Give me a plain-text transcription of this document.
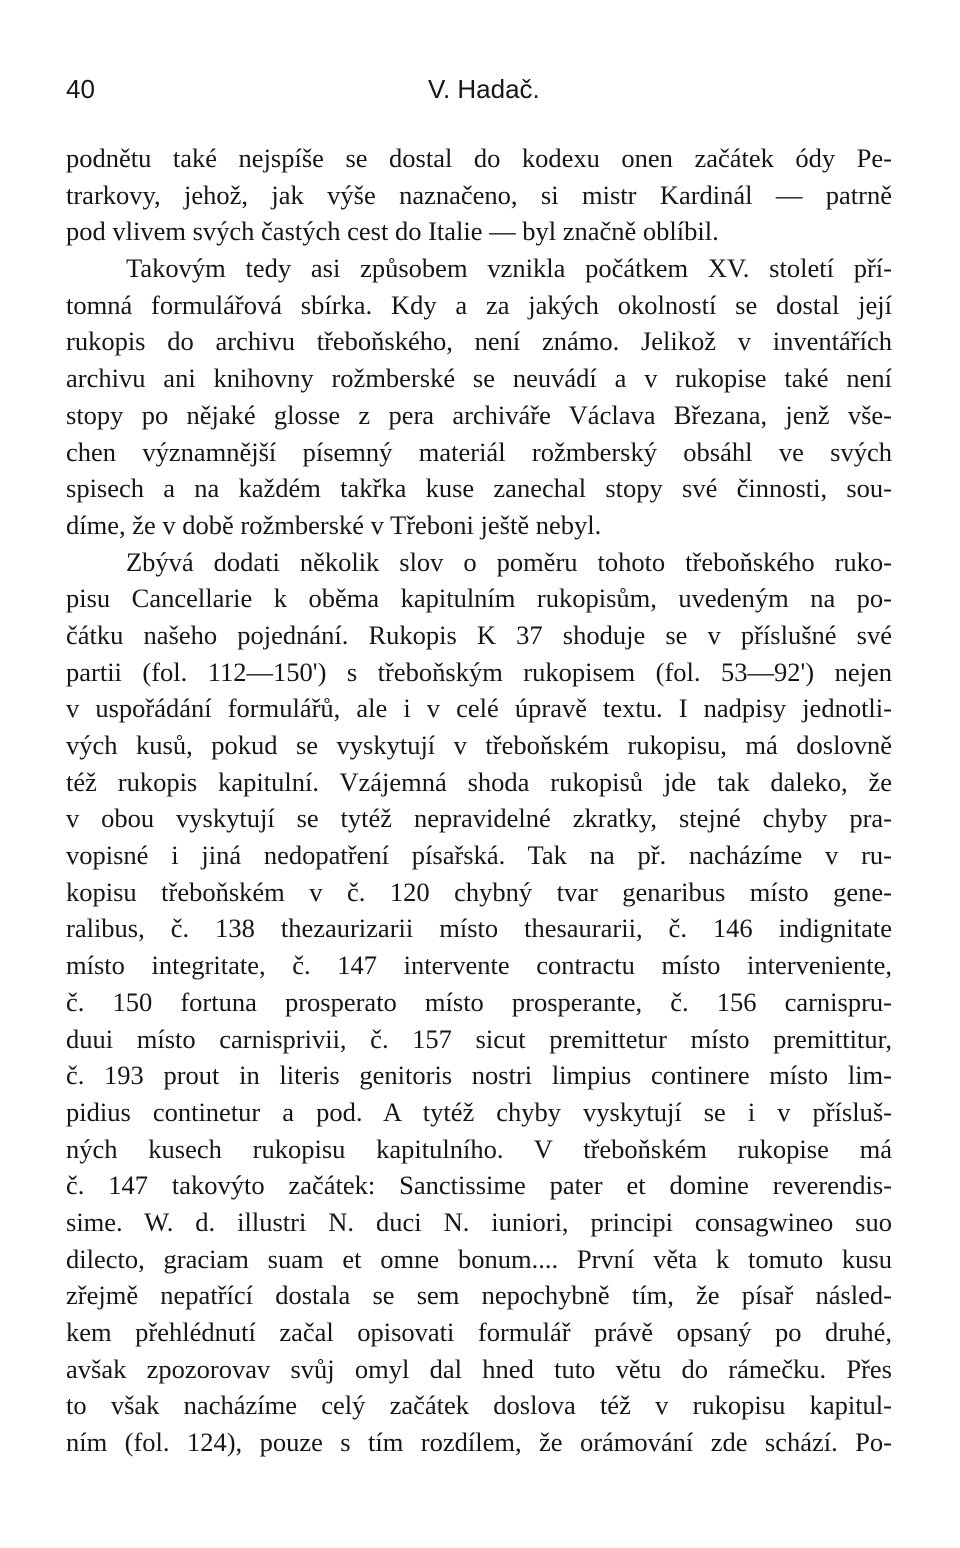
40	V. Hadač.
podnětu také nejspíše se dostal do kodexu onen začátek ódy Pe-
trarkovy, jehož, jak výše naznačeno, si mistr Kardinál — patrně
pod vlivem svých častých cest do Italie — byl značně oblíbil.
Takovým tedy asi způsobem vznikla počátkem XV. století pří-
tomná formulářová sbírka. Kdy a za jakých okolností se dostal její
rukopis do archivu třeboňského, není známo. Jelikož v inventářích
archivu ani knihovny rožmberské se neuvádí a v rukopise také není
stopy po nějaké glosse z pera archiváře Václava Březana, jenž vše-
chen významnější písemný materiál rožmberský obsáhl ve svých
spisech a na každém takřka kuse zanechal stopy své činnosti, sou-
díme, že v době rožmberské v Třeboni ještě nebyl.
Zbývá dodati několik slov o poměru tohoto třeboňského ruko-
pisu Cancellarie k oběma kapitulním rukopisům, uvedeným na po-
čátku našeho pojednání. Rukopis K 37 shoduje se v příslušné své
partii (fol. 112—150') s třeboňským rukopisem (fol. 53—92') nejen
v uspořádání formulářů, ale i v celé úpravě textu. I nadpisy jednotli-
vých kusů, pokud se vyskytují v třeboňském rukopisu, má doslovně
též rukopis kapitulní. Vzájemná shoda rukopisů jde tak daleko, že
v obou vyskytují se tytéž nepravidelné zkratky, stejné chyby pra-
vopisné i jiná nedopatření písařská. Tak na př. nacházíme v ru-
kopisu třeboňském v č. 120 chybný tvar genaribus místo gene-
ralibus, č. 138 thezaurizarii místo thesaurarii, č. 146 indignitate
místo integritate, č. 147 intervente contractu místo interveniente,
č. 150 fortuna prosperato místo prosperante, č. 156 carnispru-
duui místo carnisprivii, č. 157 sicut premittetur místo premittitur,
č. 193 prout in literis genitoris nostri limpius continere místo lim-
pidius continetur a pod. A tytéž chyby vyskytují se i v přísluš-
ných kusech rukopisu kapitulního. V třeboňském rukopise má
č. 147 takovýto začátek: Sanctissime pater et domine reverendis-
sime. W. d. illustri N. duci N. iuniori, principi consagwineo suo
dilecto, graciam suam et omne bonum.... První věta k tomuto kusu
zřejmě nepatřící dostala se sem nepochybně tím, že písař násled-
kem přehlédnutí začal opisovati formulář právě opsaný po druhé,
avšak zpozorovav svůj omyl dal hned tuto větu do rámečku. Přes
to však nacházíme celý začátek doslova též v rukopisu kapitul-
ním (fol. 124), pouze s tím rozdílem, že orámování zde schází. Po-
